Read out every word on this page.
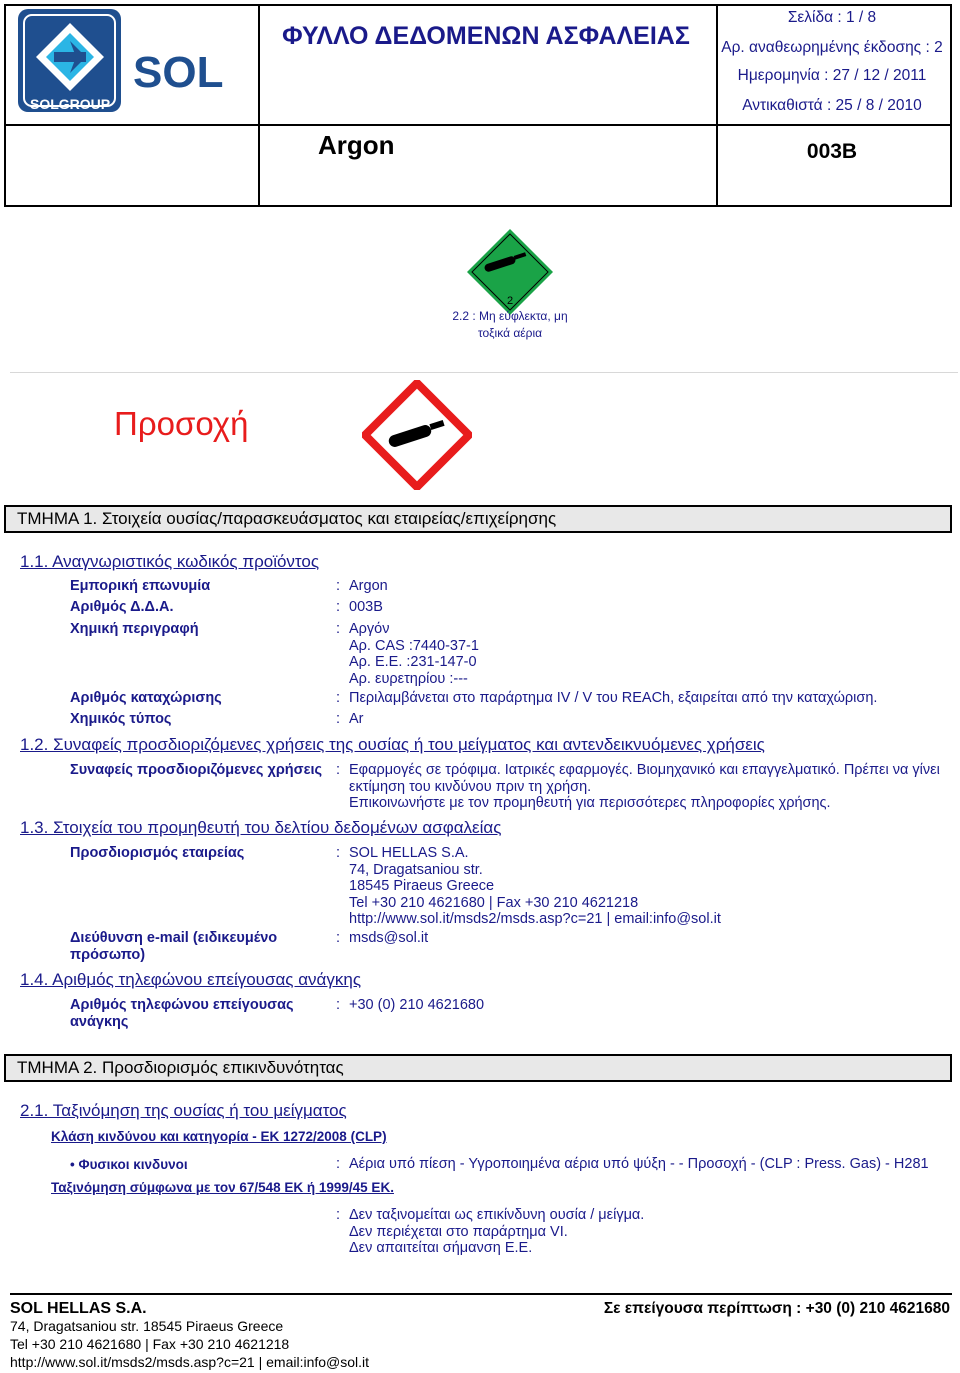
SOLGROUP
SOL
ΦΥΛΛΟ ΔΕΔΟΜΕΝΩΝ ΑΣΦΑΛΕΙΑΣ
Argon
Σελίδα : 1 / 8
Αρ. αναθεωρημένης έκδοσης : 2
Ημερομηνία : 27 / 12 / 2011
Αντικαθιστά : 25 / 8 / 2010
003B
2
2.2 : Μη εύφλεκτα, μη τοξικά αέρια
Προσοχή
ΤΜΗΜΑ 1. Στοιχεία ουσίας/παρασκευάσματος και εταιρείας/επιχείρησης
1.1. Αναγνωριστικός κωδικός προϊόντος
Εμπορική επωνυμία	: Argon
Αριθμός Δ.Δ.Α.	: 003B
Χημική περιγραφή	: Αργόν
Αρ. CAS :7440-37-1
Αρ. Ε.Ε. :231-147-0
Αρ. ευρετηρίου :---
Αριθμός καταχώρισης	: Περιλαμβάνεται στο παράρτημα IV / V του REACh, εξαιρείται από την καταχώριση.
Χημικός τύπος	: Ar
1.2. Συναφείς προσδιοριζόμενες χρήσεις της ουσίας ή του μείγματος και αντενδεικνυόμενες χρήσεις
Συναφείς προσδιοριζόμενες χρήσεις : Εφαρμογές σε τρόφιμα. Ιατρικές εφαρμογές. Βιομηχανικό και επαγγελματικό. Πρέπει να γίνει
εκτίμηση του κινδύνου πριν τη χρήση.
Επικοινωνήστε με τον προμηθευτή για περισσότερες πληροφορίες χρήσης.
1.3. Στοιχεία του προμηθευτή του δελτίου δεδομένων ασφαλείας
Προσδιορισμός εταιρείας	: SOL HELLAS S.A.
74, Dragatsaniou str.
18545 Piraeus Greece
Tel +30 210 4621680 | Fax +30 210 4621218
http://www.sol.it/msds2/msds.asp?c=21 | email:info@sol.it
Διεύθυνση e-mail (ειδικευμένο
πρόσωπο)
: msds@sol.it
1.4. Αριθμός τηλεφώνου επείγουσας ανάγκης
Αριθμός τηλεφώνου επείγουσας
ανάγκης
: +30 (0) 210 4621680
ΤΜΗΜΑ 2. Προσδιορισμός επικινδυνότητας
2.1. Ταξινόμηση της ουσίας ή του μείγματος
Κλάση κινδύνου και κατηγορία - ΕΚ 1272/2008 (CLP)
• Φυσικοι κινδυνοι	: Αέρια υπό πίεση - Υγροποιημένα αέρια υπό ψύξη - - Προσοχή - (CLP : Press. Gas) - H281
Ταξινόμηση σύμφωνα με τον 67/548 ΕΚ ή 1999/45 ΕΚ.
: Δεν ταξινομείται ως επικίνδυνη ουσία / μείγμα.
Δεν περιέχεται στο παράρτημα VI.
Δεν απαιτείται σήμανση Ε.Ε.
SOL HELLAS S.A.	Σε επείγουσα περίπτωση : +30 (0) 210 4621680
74, Dragatsaniou str. 18545 Piraeus Greece
Tel +30 210 4621680 | Fax +30 210 4621218
http://www.sol.it/msds2/msds.asp?c=21 | email:info@sol.it
